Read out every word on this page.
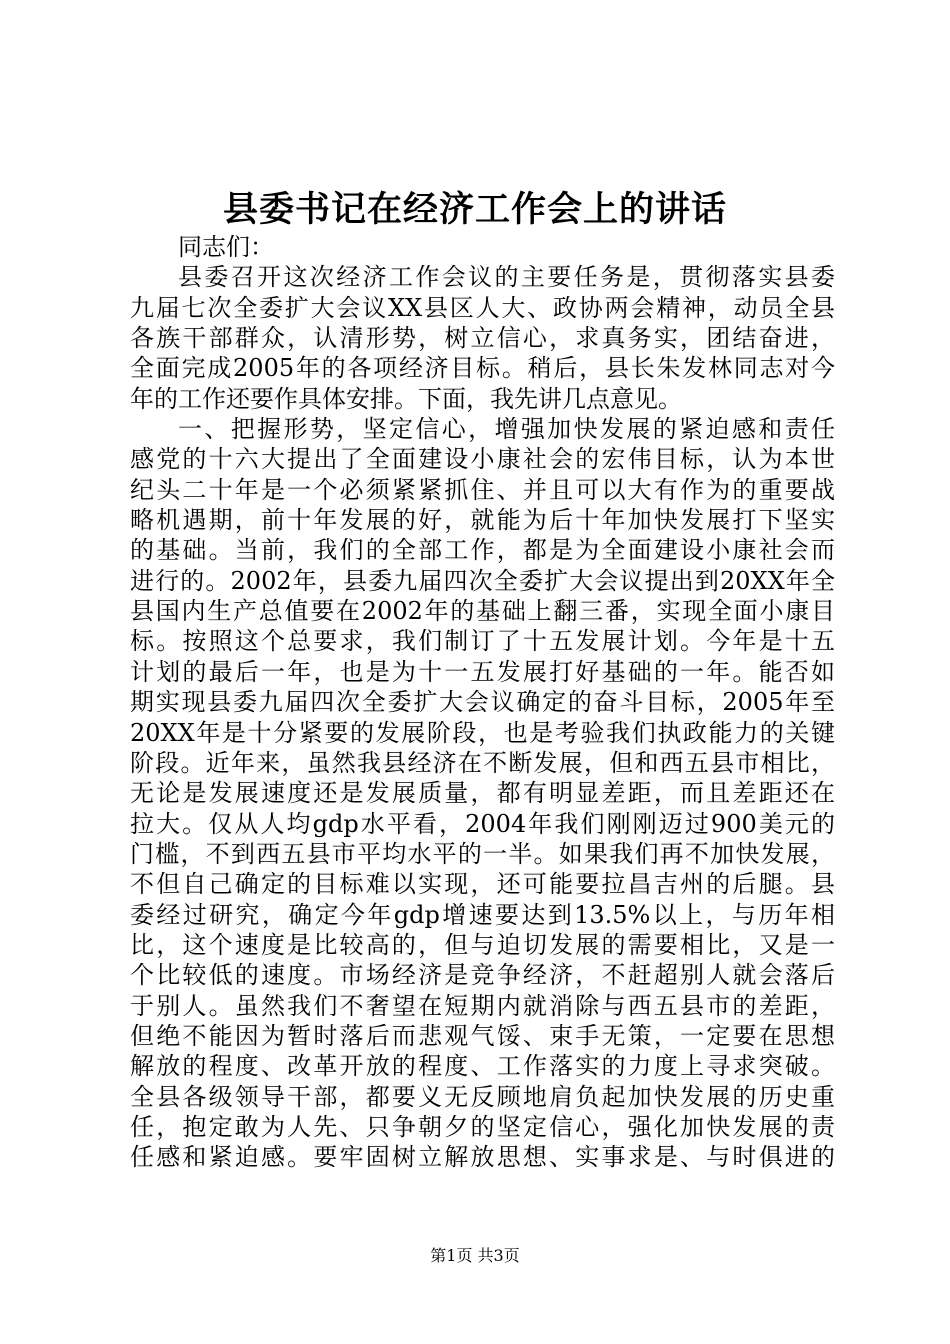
县委书记在经济工作会上的讲话
同志们：
县委召开这次经济工作会议的主要任务是，贯彻落实县委
九届七次全委扩大会议XX县区人大、政协两会精神，动员全县
各族干部群众，认清形势，树立信心，求真务实，团结奋进，
全面完成2005年的各项经济目标。稍后，县长朱发林同志对今
年的工作还要作具体安排。下面，我先讲几点意见。
一、把握形势，坚定信心，增强加快发展的紧迫感和责任
感党的十六大提出了全面建设小康社会的宏伟目标，认为本世
纪头二十年是一个必须紧紧抓住、并且可以大有作为的重要战
略机遇期，前十年发展的好，就能为后十年加快发展打下坚实
的基础。当前，我们的全部工作，都是为全面建设小康社会而
进行的。2002年，县委九届四次全委扩大会议提出到20XX年全
县国内生产总值要在2002年的基础上翻三番，实现全面小康目
标。按照这个总要求，我们制订了十五发展计划。今年是十五
计划的最后一年，也是为十一五发展打好基础的一年。能否如
期实现县委九届四次全委扩大会议确定的奋斗目标，2005年至
20XX年是十分紧要的发展阶段，也是考验我们执政能力的关键
阶段。近年来，虽然我县经济在不断发展，但和西五县市相比，
无论是发展速度还是发展质量，都有明显差距，而且差距还在
拉大。仅从人均gdp水平看，2004年我们刚刚迈过900美元的
门槛，不到西五县市平均水平的一半。如果我们再不加快发展，
不但自己确定的目标难以实现，还可能要拉昌吉州的后腿。县
委经过研究，确定今年gdp增速要达到13.5%以上，与历年相
比，这个速度是比较高的，但与迫切发展的需要相比，又是一
个比较低的速度。市场经济是竞争经济，不赶超别人就会落后
于别人。虽然我们不奢望在短期内就消除与西五县市的差距，
但绝不能因为暂时落后而悲观气馁、束手无策，一定要在思想
解放的程度、改革开放的程度、工作落实的力度上寻求突破。
全县各级领导干部，都要义无反顾地肩负起加快发展的历史重
任，抱定敢为人先、只争朝夕的坚定信心，强化加快发展的责
任感和紧迫感。要牢固树立解放思想、实事求是、与时俱进的
第1页 共3页
